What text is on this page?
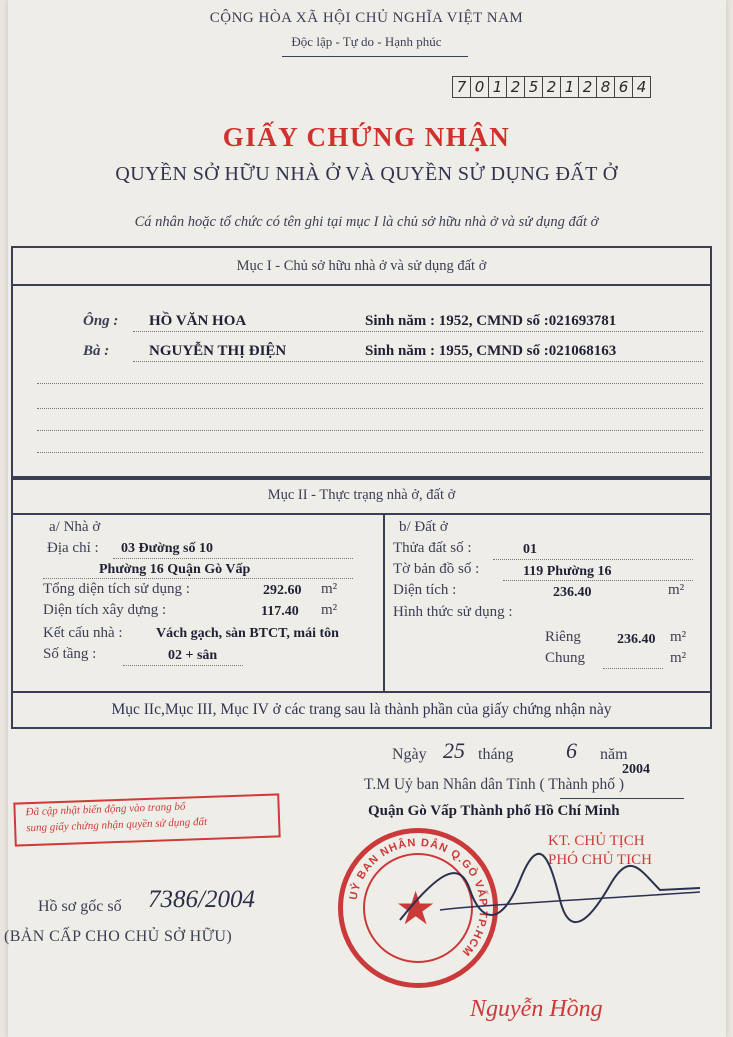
CỘNG HÒA XÃ HỘI CHỦ NGHĨA VIỆT NAM
Độc lập - Tự do - Hạnh phúc
7 0 1 2 5 2 1 2 8 6 4
GIẤY CHỨNG NHẬN
QUYỀN SỞ HỮU NHÀ Ở VÀ QUYỀN SỬ DỤNG ĐẤT Ở
Cá nhân hoặc tổ chức có tên ghi tại mục I là chủ sở hữu nhà ở và sử dụng đất ở
Mục I - Chủ sở hữu nhà ở và sử dụng đất ở
Ông : HỒ VĂN HOA	Sinh năm : 1952, CMND số :021693781
Bà :	NGUYỄN THỊ ĐIỆN	Sinh năm : 1955, CMND số :021068163
Mục II - Thực trạng nhà ở, đất ở
a/ Nhà ở
Địa chỉ : 03 Đường số 10
Phường 16 Quận Gò Vấp
Tổng diện tích sử dụng :	292.60 m²
Diện tích xây dựng :	117.40 m²
Kết cấu nhà : Vách gạch, sàn BTCT, mái tôn
Số tầng :	02 + sân
b/ Đất ở
Thửa đất số :	01
Tờ bản đồ số :	119 Phường 16
Diện tích :	236.40	m²
Hình thức sử dụng :
Riêng	236.40 m²
Chung	m²
Mục IIc,Mục III, Mục IV ở các trang sau là thành phần của giấy chứng nhận này
Ngày 25 tháng 6 năm
2004
T.M Uỷ ban Nhân dân Tỉnh ( Thành phố )
Quận Gò Vấp Thành phố Hồ Chí Minh
KT. CHỦ TỊCH
PHÓ CHỦ TỊCH
Đã cập nhật biến động vào trang bổ
sung giấy chứng nhận quyền sử dụng đất
Hồ sơ gốc số 7386/2004
(BẢN CẤP CHO CHỦ SỞ HỮU)
★
UỶ BAN NHÂN DÂN Q.GÒ VẤP TP.HCM
Nguyễn Hồng
